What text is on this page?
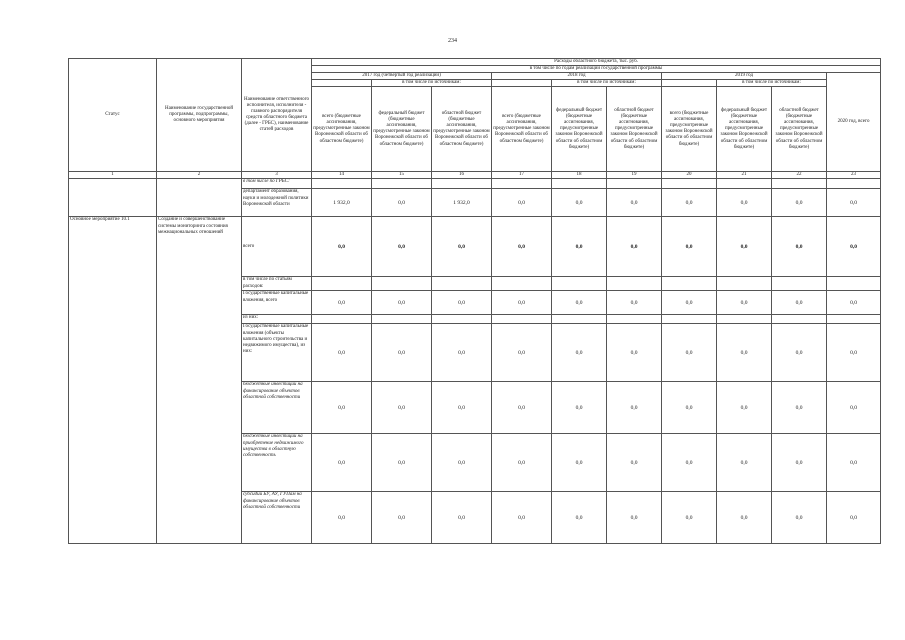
234
Статус	Наименование государственной программы, подпрограммы, основного мероприятия	Наименование ответственного исполнителя, исполнителя - главного распорядителя средств областного бюджета (далее - ГРБС), наименование статей расходов	Расходы областного бюджета, тыс. руб.									
			в том числе по годам реализации государственной программы									
			2017 год (четвертый год реализации)			2018 год			2019 год			2020 год, всего
				в том числе по источникам:			в том числе по источникам:			в том числе по источникам:		
			всего (бюджетные ассигнования, предусмотренные законом Воронежской области об областном бюджете)	федеральный бюджет (бюджетные ассигнования, предусмотренные законом Воронежской области об областном бюджете)	областной бюджет (бюджетные ассигнования, предусмотренные законом Воронежской области об областном бюджете)	всего (бюджетные ассигнования, предусмотренные законом Воронежской области об областном бюджете)	федеральный бюджет (бюджетные ассигнования, предусмотренные законом Воронежской области об областном бюджете)	областной бюджет (бюджетные ассигнования, предусмотренные законом Воронежской области об областном бюджете)	всего (бюджетные ассигнования, предусмотренные законом Воронежской области об областном бюджете)	федеральный бюджет (бюджетные ассигнования, предусмотренные законом Воронежской области об областном бюджете)	областной бюджет (бюджетные ассигнования, предусмотренные законом Воронежской области об областном бюджете)	
1	2	3	14	15	16	17	18	19	20	21	22	23
		в том числе по ГРБС:										
		департамент образования, науки и молодежной политики Воронежской области	1 932,0	0,0	1 932,0	0,0	0,0	0,0	0,0	0,0	0,0	0,0
Основное мероприятие 10.1	Создание и совершенствование системы мониторинга состояния межнациональных отношений	всего	0,0	0,0	0,0	0,0	0,0	0,0	0,0	0,0	0,0	0,0
		в том числе по статьям расходов:										
		Государственные капитальные вложения, всего	0,0	0,0	0,0	0,0	0,0	0,0	0,0	0,0	0,0	0,0
		из них:										
		Государственные капитальные вложения (объекты капитального строительства и недвижимого имущества), из них:	0,0	0,0	0,0	0,0	0,0	0,0	0,0	0,0	0,0	0,0
		бюджетные инвестиции на финансирование объектов областной собственности	0,0	0,0	0,0	0,0	0,0	0,0	0,0	0,0	0,0	0,0
		бюджетные инвестиции на приобретение недвижимого имущества в областную собственность	0,0	0,0	0,0	0,0	0,0	0,0	0,0	0,0	0,0	0,0
		субсидии БУ, АУ, ГУПам на финансирование объектов областной собственности	0,0	0,0	0,0	0,0	0,0	0,0	0,0	0,0	0,0	0,0
